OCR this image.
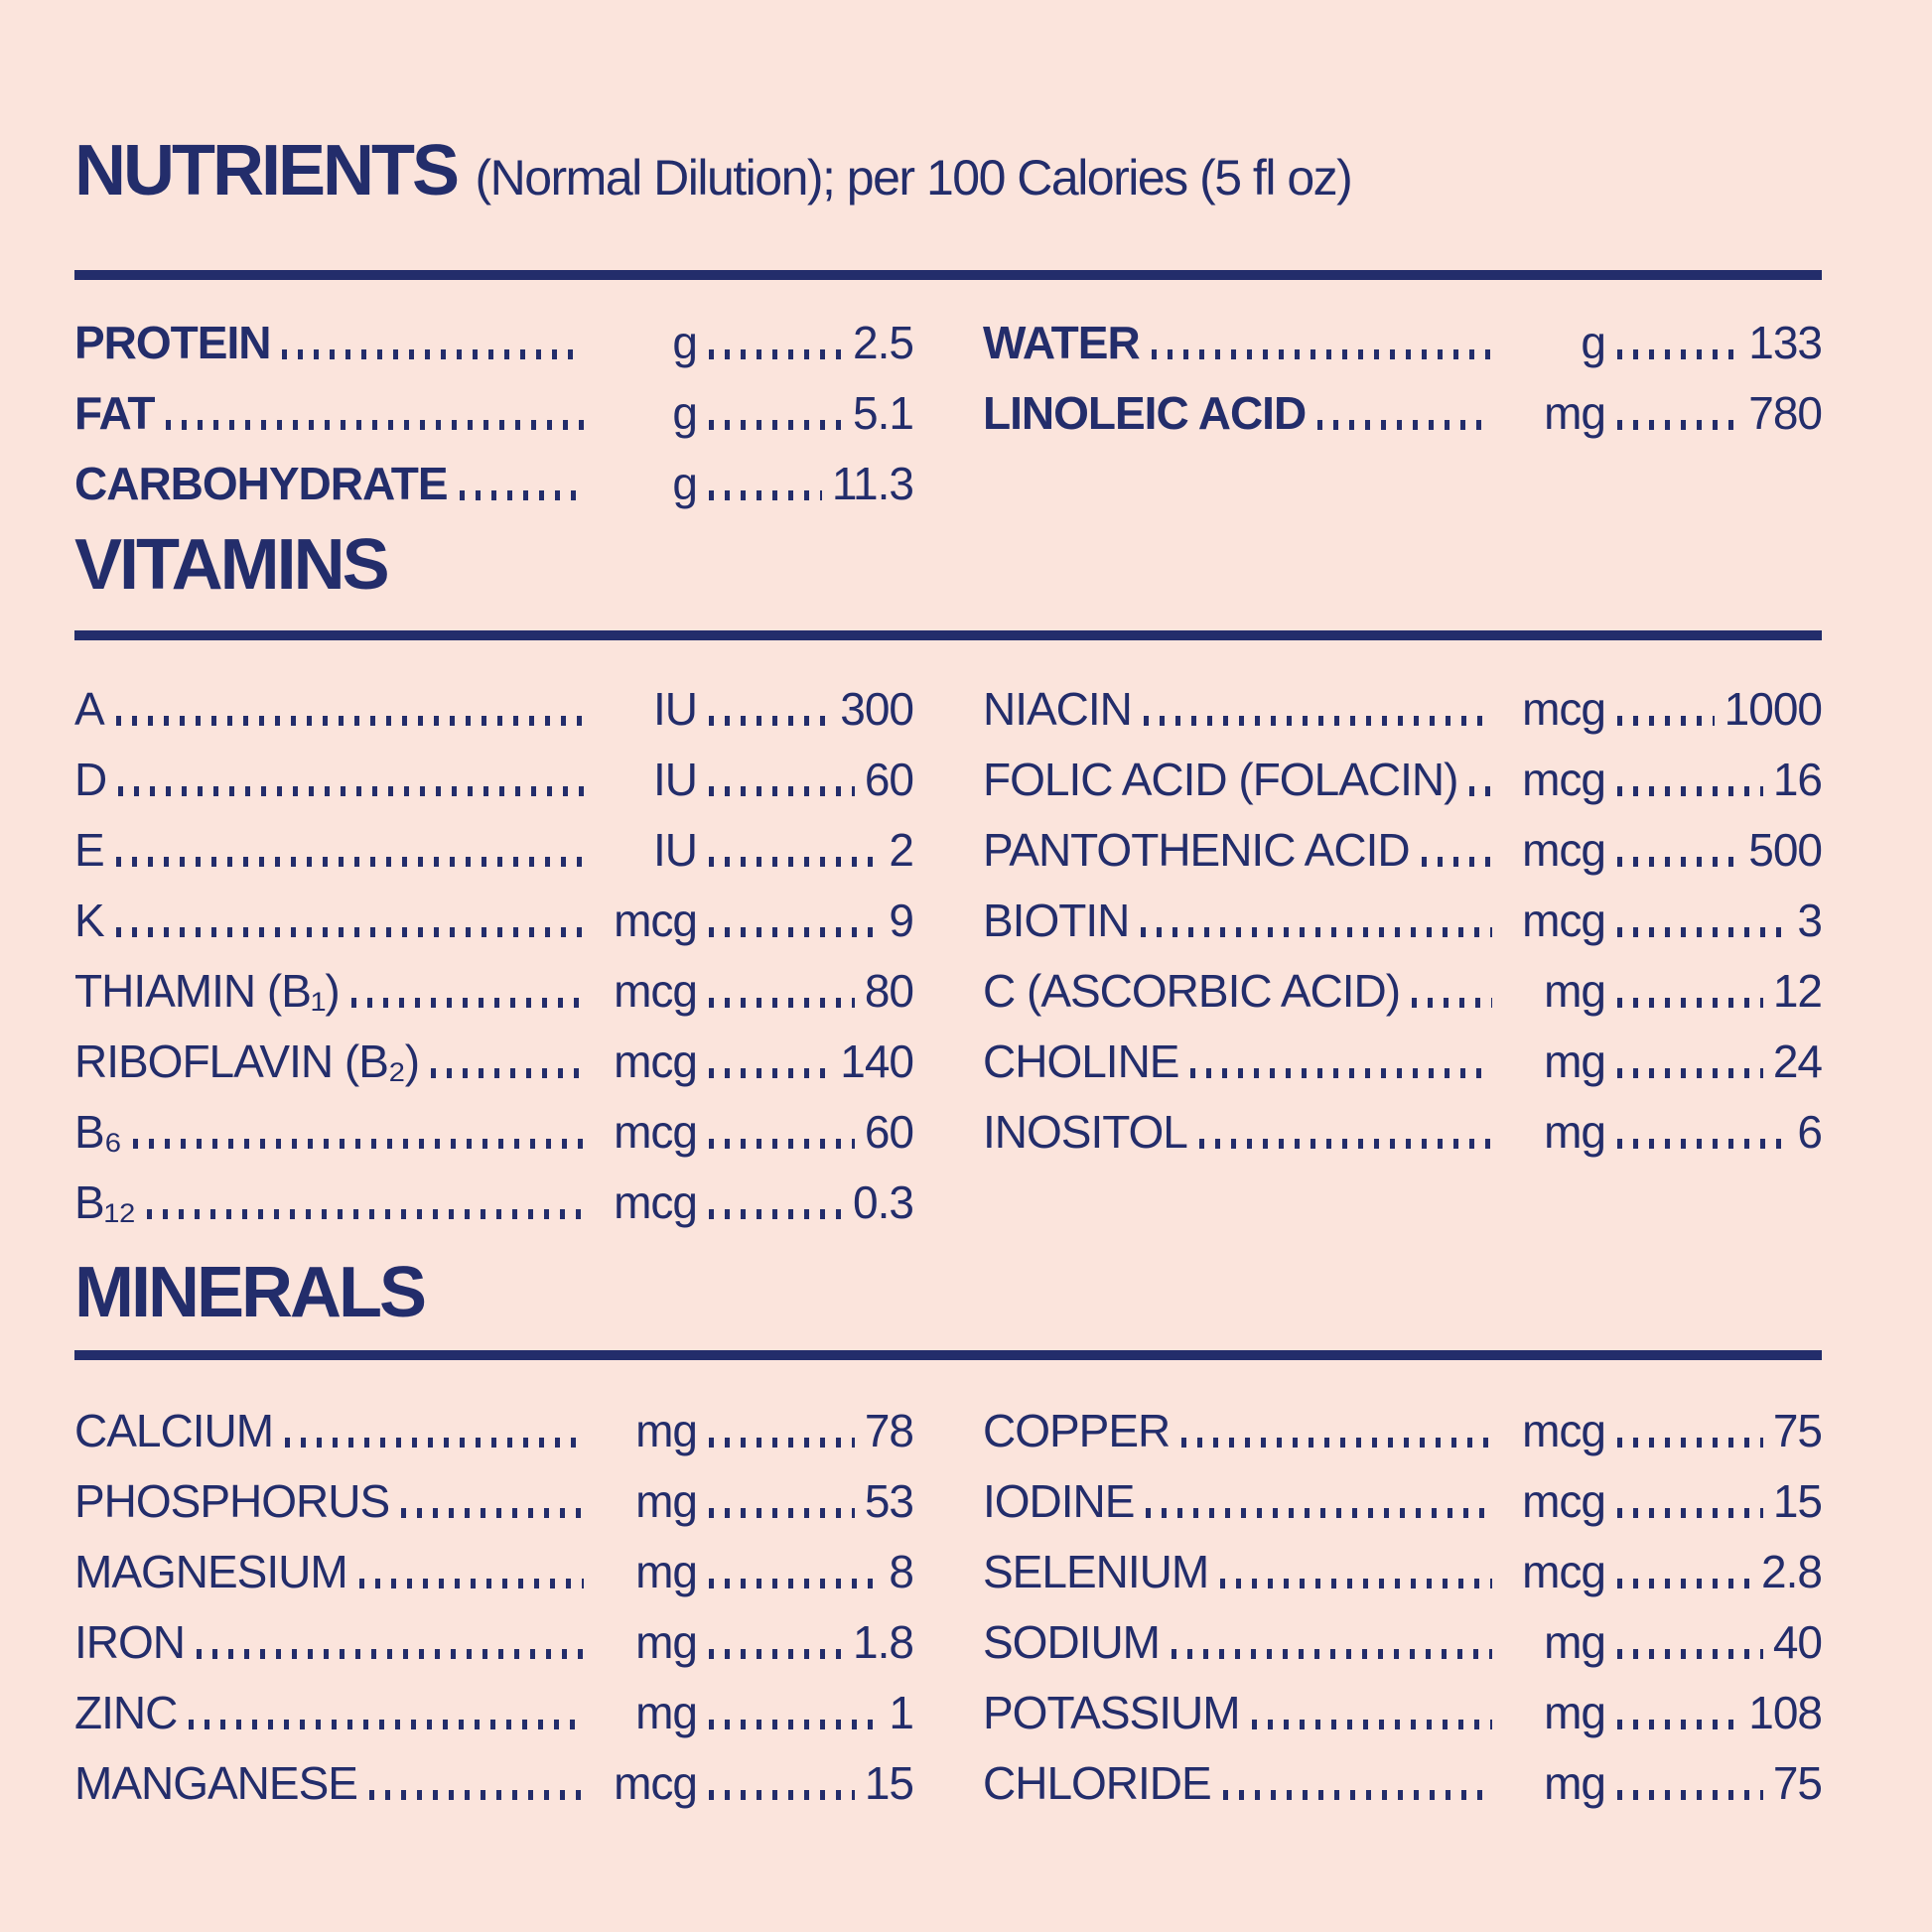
NUTRIENTS (Normal Dilution); per 100 Calories (5 fl oz)
PROTEIN	g	2.5
FAT	g	5.1
CARBOHYDRATE	g	11.3
WATER	g	133
LINOLEIC ACID	mg	780
VITAMINS
A	IU	300
D	IU	60
E	IU	2
K	mcg	9
THIAMIN (B₁)	mcg	80
RIBOFLAVIN (B₂)	mcg	140
B₆	mcg	60
B₁₂	mcg	0.3
NIACIN	mcg	1000
FOLIC ACID (FOLACIN)	mcg	16
PANTOTHENIC ACID	mcg	500
BIOTIN	mcg	3
C (ASCORBIC ACID)	mg	12
CHOLINE	mg	24
INOSITOL	mg	6
MINERALS
CALCIUM	mg	78
PHOSPHORUS	mg	53
MAGNESIUM	mg	8
IRON	mg	1.8
ZINC	mg	1
MANGANESE	mcg	15
COPPER	mcg	75
IODINE	mcg	15
SELENIUM	mcg	2.8
SODIUM	mg	40
POTASSIUM	mg	108
CHLORIDE	mg	75
